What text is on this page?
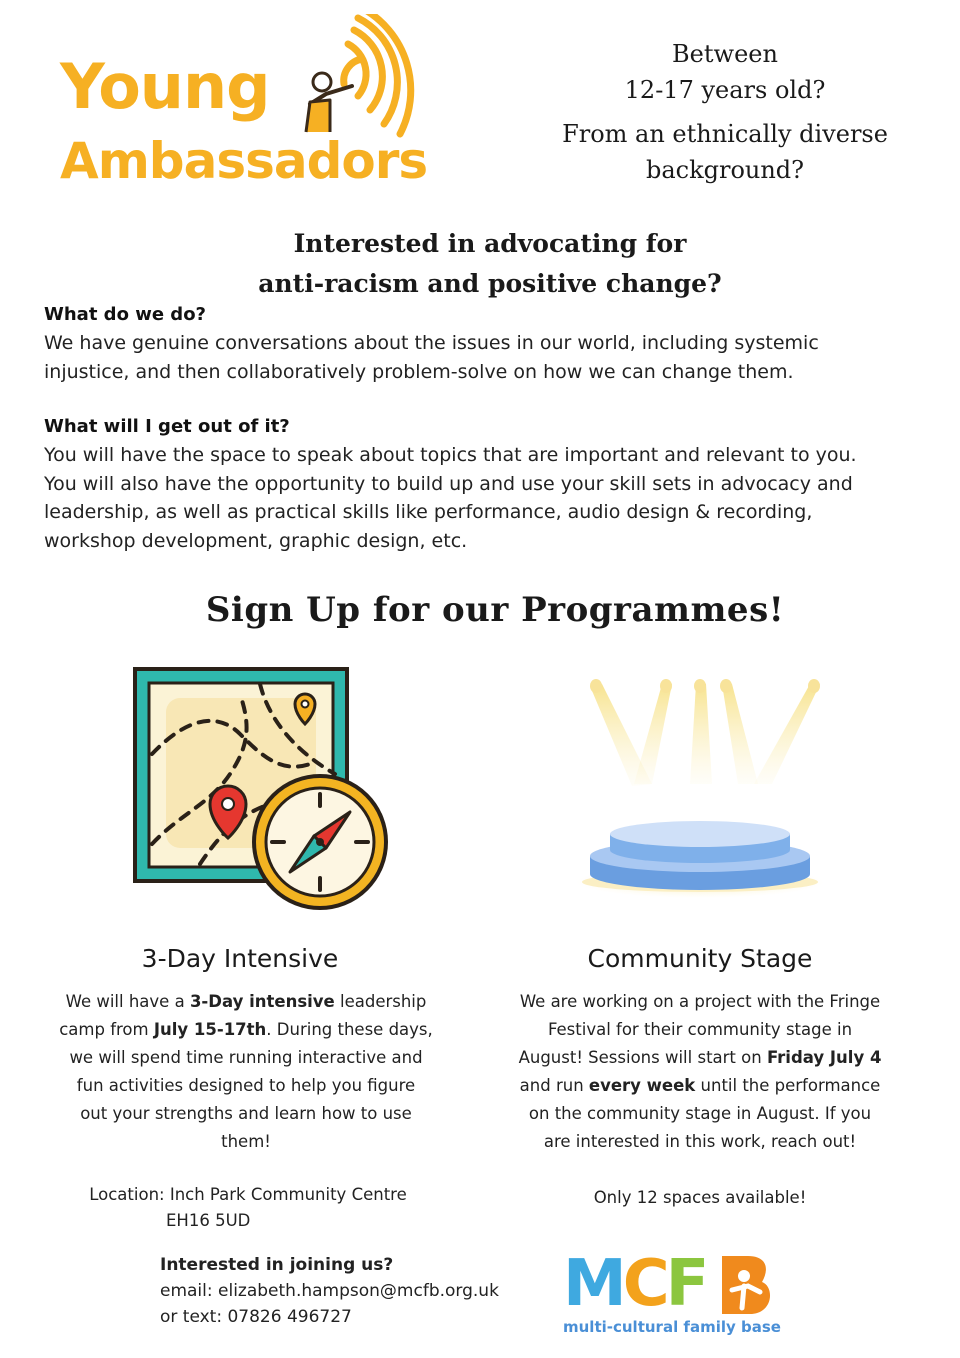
Young
Ambassadors
Between
12-17 years old?
From an ethnically diverse
background?
Interested in advocating for
anti-racism and positive change?
What do we do?
We have genuine conversations about the issues in our world, including systemic
injustice, and then collaboratively problem-solve on how we can change them.
What will I get out of it?
You will have the space to speak about topics that are important and relevant to you.
You will also have the opportunity to build up and use your skill sets in advocacy and
leadership, as well as practical skills like performance, audio design & recording,
workshop development, graphic design, etc.
Sign Up for our Programmes!
3-Day Intensive
We will have a 3-Day intensive leadership
camp from July 15-17th. During these days,
we will spend time running interactive and
fun activities designed to help you figure
out your strengths and learn how to use
them!
Location: Inch Park Community Centre
EH16 5UD
Community Stage
We are working on a project with the Fringe
Festival for their community stage in
August! Sessions will start on Friday July 4
and run every week until the performance
on the community stage in August. If you
are interested in this work, reach out!
Only 12 spaces available!
Interested in joining us?
email: elizabeth.hampson@mcfb.org.uk
or text: 07826 496727	MCF
multi-cultural family base
